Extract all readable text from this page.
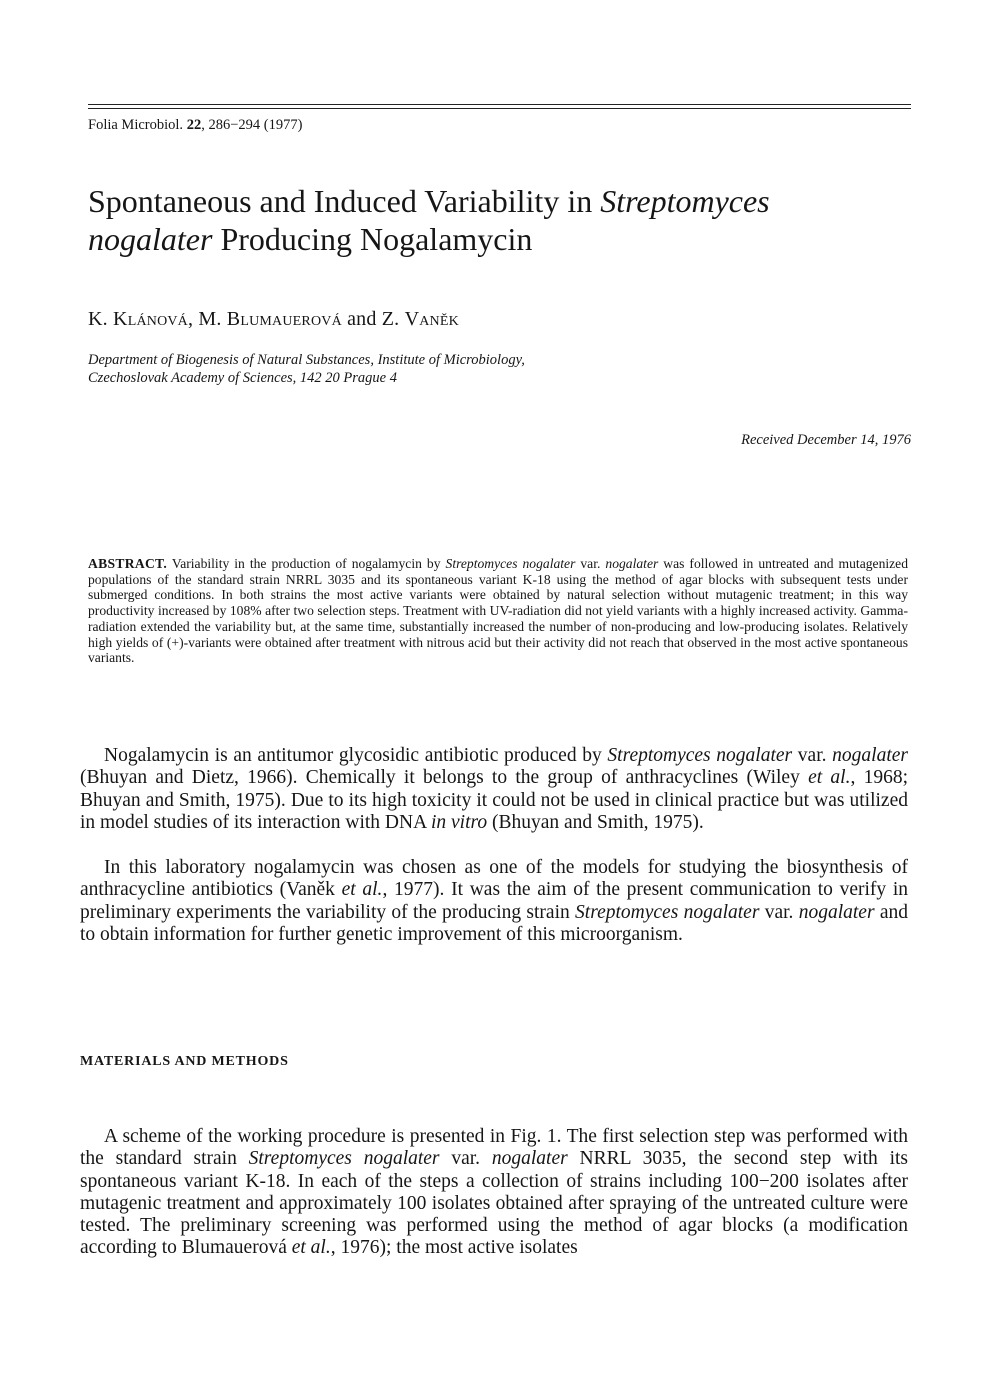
Folia Microbiol. 22, 286−294 (1977)
Spontaneous and Induced Variability in Streptomyces
nogalater Producing Nogalamycin
K. Klánová, M. Blumauerová and Z. Vaněk
Department of Biogenesis of Natural Substances, Institute of Microbiology,
Czechoslovak Academy of Sciences, 142 20 Prague 4
Received December 14, 1976

ABSTRACT. Variability in the production of nogalamycin by Streptomyces nogalater var. nogalater was followed in untreated and mutagenized populations of the standard strain NRRL 3035 and its spontaneous variant K-18 using the method of agar blocks with subsequent tests under submerged conditions. In both strains the most active variants were obtained by natural selection without mutagenic treatment; in this way productivity increased by 108% after two selection steps. Treatment with UV-radiation did not yield variants with a highly increased activity. Gamma-radiation extended the variability but, at the same time, substantially increased the number of non-producing and low-producing isolates. Relatively high yields of (+)-variants were obtained after treatment with nitrous acid but their activity did not reach that observed in the most active spontaneous variants.

Nogalamycin is an antitumor glycosidic antibiotic produced by Streptomyces nogalater var. nogalater (Bhuyan and Dietz, 1966). Chemically it belongs to the group of anthracyclines (Wiley et al., 1968; Bhuyan and Smith, 1975). Due to its high toxicity it could not be used in clinical practice but was utilized in model studies of its interaction with DNA in vitro (Bhuyan and Smith, 1975).

In this laboratory nogalamycin was chosen as one of the models for studying the biosynthesis of anthracycline antibiotics (Vaněk et al., 1977). It was the aim of the present communication to verify in preliminary experiments the variability of the producing strain Streptomyces nogalater var. nogalater and to obtain information for further genetic improvement of this microorganism.

MATERIALS AND METHODS

A scheme of the working procedure is presented in Fig. 1. The first selection step was performed with the standard strain Streptomyces nogalater var. nogalater NRRL 3035, the second step with its spontaneous variant K-18. In each of the steps a collection of strains including 100−200 isolates after mutagenic treatment and approximately 100 isolates obtained after spraying of the untreated culture were tested. The preliminary screening was performed using the method of agar blocks (a modification according to Blumauerová et al., 1976); the most active isolates
